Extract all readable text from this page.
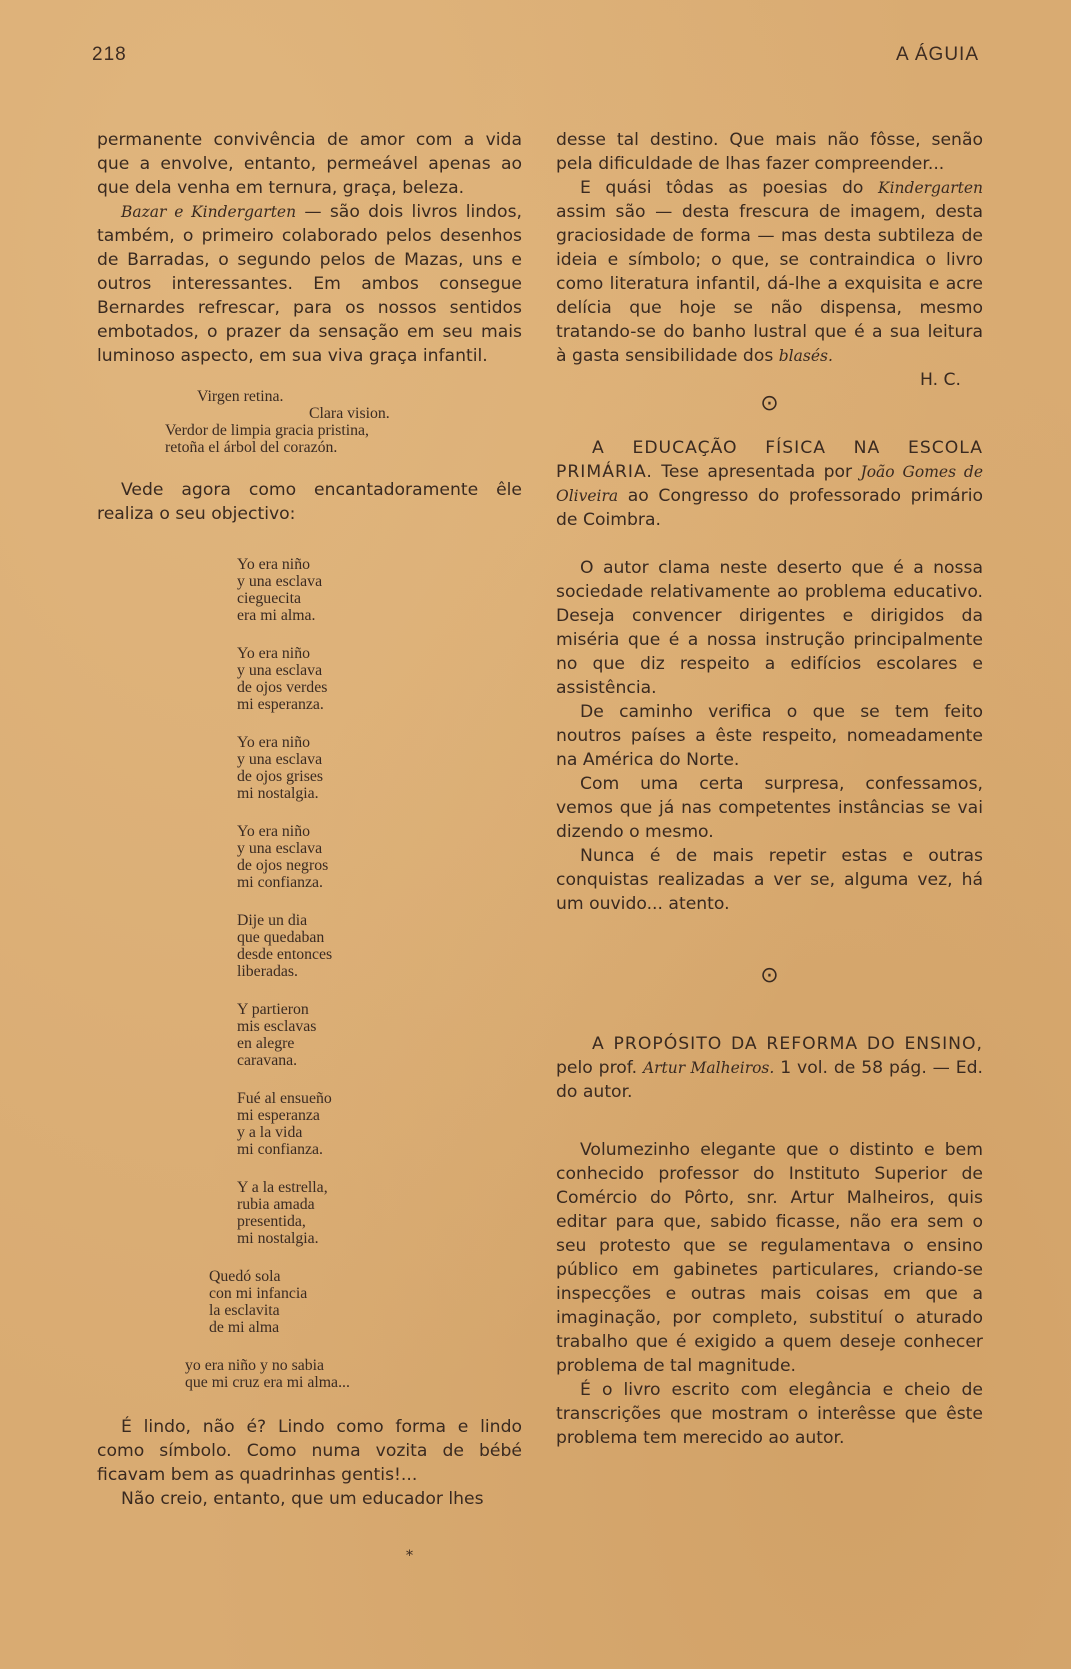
218	A ÁGUIA

permanente convivência de amor com a vida que a envolve, entanto, permeável apenas ao que dela venha em ternura, graça, beleza.

Bazar e Kindergarten — são dois livros lindos, também, o primeiro colaborado pelos desenhos de Barradas, o segundo pelos de Mazas, uns e outros interessantes. Em ambos consegue Bernardes refrescar, para os nossos sentidos embotados, o prazer da sensação em seu mais luminoso aspecto, em sua viva graça infantil.

Virgen retina.
Clara vision.
Verdor de limpia gracia pristina,
retoña el árbol del corazón.

Vede agora como encantadoramente êle realiza o seu objectivo:

Yo era niño
y una esclava
cieguecita
era mi alma.
Yo era niño
y una esclava
de ojos verdes
mi esperanza.
Yo era niño
y una esclava
de ojos grises
mi nostalgia.
Yo era niño
y una esclava
de ojos negros
mi confianza.
Dije un dia
que quedaban
desde entonces
liberadas.
Y partieron
mis esclavas
en alegre
caravana.
Fué al ensueño
mi esperanza
y a la vida
mi confianza.
Y a la estrella,
rubia amada
presentida,
mi nostalgia.
Quedó sola
con mi infancia
la esclavita
de mi alma
yo era niño y no sabia
que mi cruz era mi alma...

É lindo, não é? Lindo como forma e lindo como símbolo. Como numa vozita de bébé ficavam bem as quadrinhas gentis!...

Não creio, entanto, que um educador lhes

desse tal destino. Que mais não fôsse, senão pela dificuldade de lhas fazer compreender...

E quási tôdas as poesias do Kindergarten assim são — desta frescura de imagem, desta graciosidade de forma — mas desta subtileza de ideia e símbolo; o que, se contraindica o livro como literatura infantil, dá-lhe a exquisita e acre delícia que hoje se não dispensa, mesmo tratando-se do banho lustral que é a sua leitura à gasta sensibilidade dos blasés.

H. C.

⊙

A EDUCAÇÃO FÍSICA NA ESCOLA PRIMÁRIA. Tese apresentada por João Gomes de Oliveira ao Congresso do professorado primário de Coimbra.

O autor clama neste deserto que é a nossa sociedade relativamente ao problema educativo. Deseja convencer dirigentes e dirigidos da miséria que é a nossa instrução principalmente no que diz respeito a edifícios escolares e assistência.

De caminho verifica o que se tem feito noutros países a êste respeito, nomeadamente na América do Norte.

Com uma certa surpresa, confessamos, vemos que já nas competentes instâncias se vai dizendo o mesmo.

Nunca é de mais repetir estas e outras conquistas realizadas a ver se, alguma vez, há um ouvido... atento.

⊙

A PROPÓSITO DA REFORMA DO ENSINO, pelo prof. Artur Malheiros. 1 vol. de 58 pág. — Ed. do autor.

Volumezinho elegante que o distinto e bem conhecido professor do Instituto Superior de Comércio do Pôrto, snr. Artur Malheiros, quis editar para que, sabido ficasse, não era sem o seu protesto que se regulamentava o ensino público em gabinetes particulares, criando-se inspecções e outras mais coisas em que a imaginação, por completo, substituí o aturado trabalho que é exigido a quem deseje conhecer problema de tal magnitude.

É o livro escrito com elegância e cheio de transcrições que mostram o interêsse que êste problema tem merecido ao autor.

*
